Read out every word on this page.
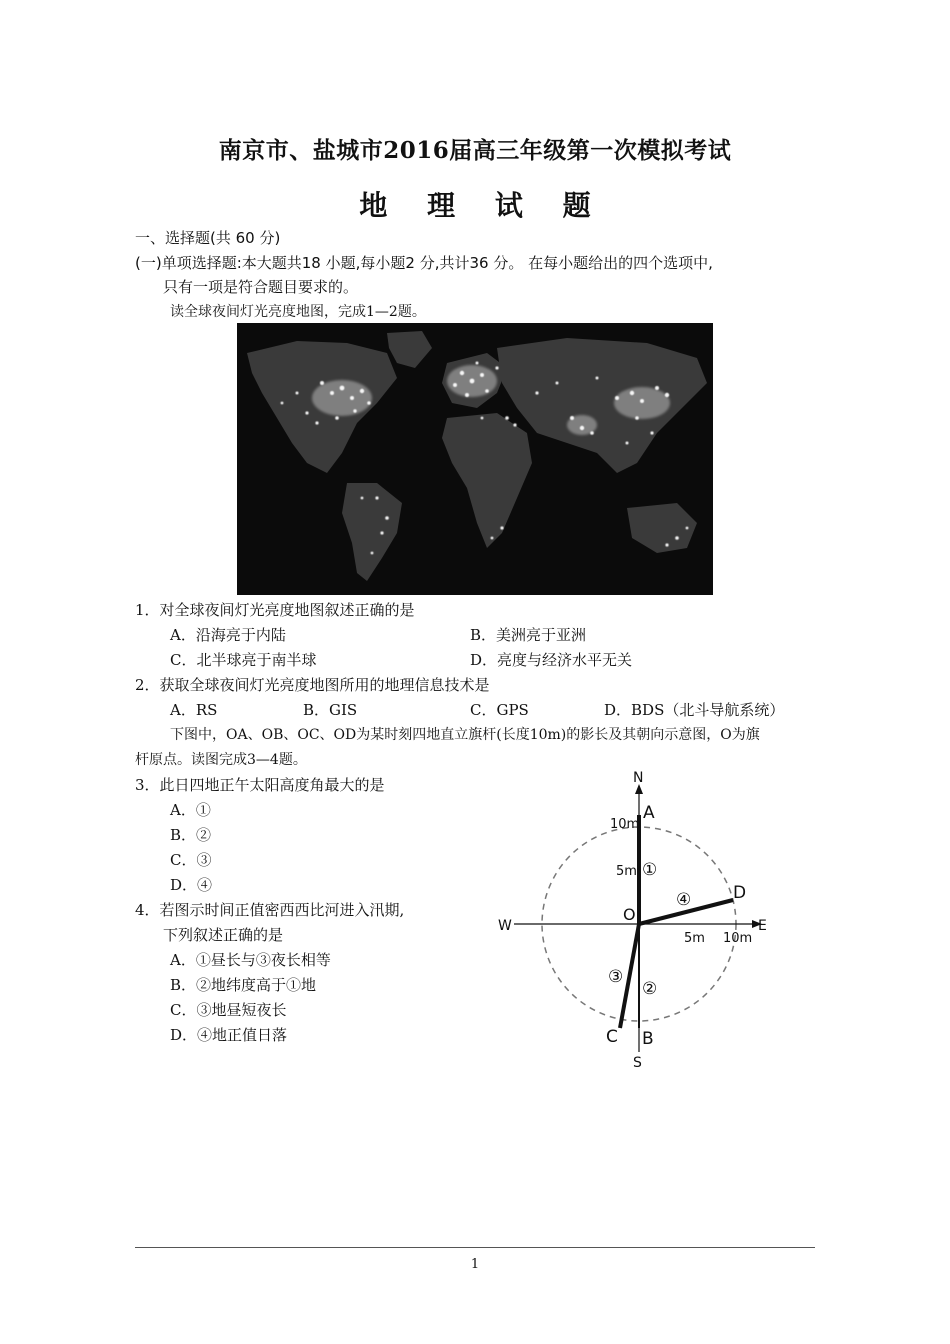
南京市、盐城市2016届高三年级第一次模拟考试
地 理 试 题
一、选择题(共 60 分)
(一)单项选择题:本大题共18 小题,每小题2 分,共计36 分。 在每小题给出的四个选项中,
只有一项是符合题目要求的。
读全球夜间灯光亮度地图，完成1—2题。
1．对全球夜间灯光亮度地图叙述正确的是
A．沿海亮于内陆	B．美洲亮于亚洲
C．北半球亮于南半球	D．亮度与经济水平无关
2．获取全球夜间灯光亮度地图所用的地理信息技术是
A．RS	B．GIS	C．GPS	D．BDS（北斗导航系统）
下图中，OA、OB、OC、OD为某时刻四地直立旗杆(长度10m)的影长及其朝向示意图，O为旗
杆原点。读图完成3—4题。
3．此日四地正午太阳高度角最大的是
A．①
B．②
C．③
D．④
4．若图示时间正值密西西比河进入汛期,
下列叙述正确的是
A．①昼长与③夜长相等
B．②地纬度高于①地
C．③地昼短夜长
D．④地正值日落
N
S
W	E
O
A
D
C B
10m
5m
5m 10m
①
②
③
④
1
